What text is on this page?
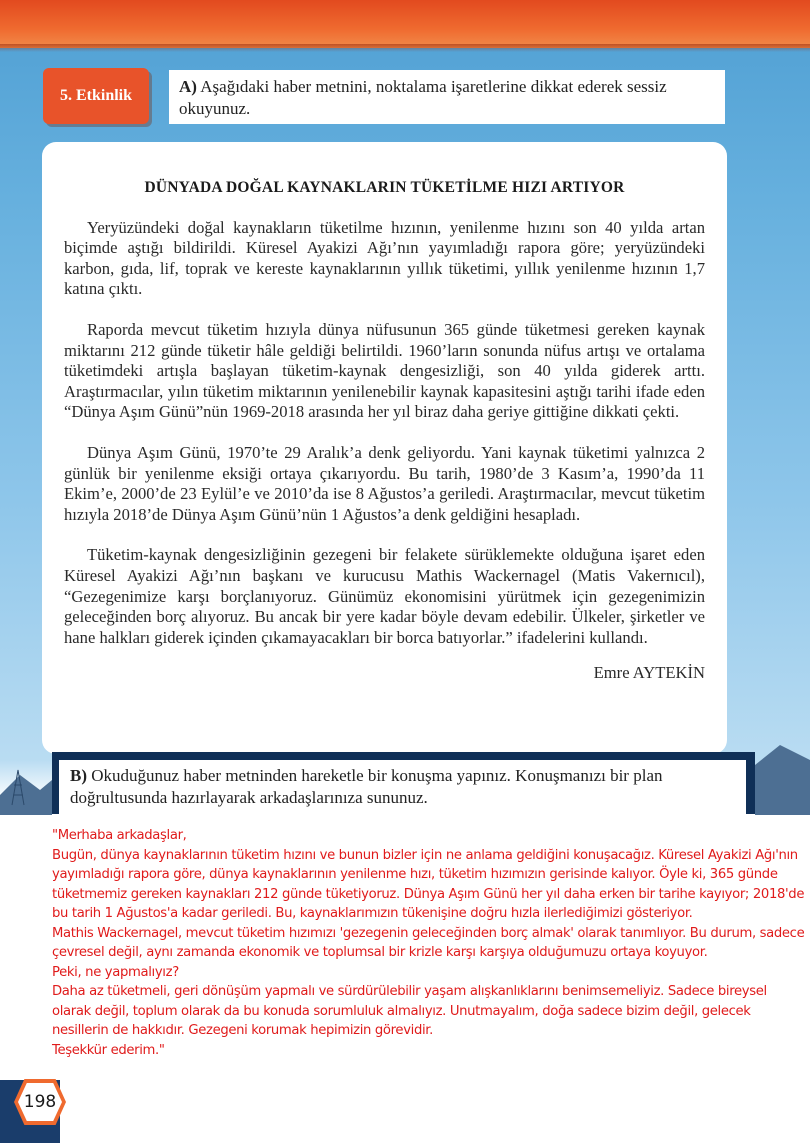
5. Etkinlik	A) Aşağıdaki haber metnini, noktalama işaretlerine dikkat ederek sessiz okuyunuz.
DÜNYADA DOĞAL KAYNAKLARIN TÜKETİLME HIZI ARTIYOR

Yeryüzündeki doğal kaynakların tüketilme hızının, yenilenme hızını son 40 yılda artan biçimde aştığı bildirildi. Küresel Ayakizi Ağı’nın yayımladığı rapora göre; yeryüzündeki karbon, gıda, lif, toprak ve kereste kaynaklarının yıllık tüketimi, yıllık yenilenme hızının 1,7 katına çıktı.

Raporda mevcut tüketim hızıyla dünya nüfusunun 365 günde tüketmesi gereken kaynak miktarını 212 günde tüketir hâle geldiği belirtildi. 1960’ların sonunda nüfus artışı ve ortalama tüketimdeki artışla başlayan tüketim-kaynak dengesizliği, son 40 yılda giderek arttı. Araştırmacılar, yılın tüketim miktarının yenilenebilir kaynak kapasitesini aştığı tarihi ifade eden “Dünya Aşım Günü”nün 1969-2018 arasında her yıl biraz daha geriye gittiğine dikkati çekti.

Dünya Aşım Günü, 1970’te 29 Aralık’a denk geliyordu. Yani kaynak tüketimi yalnızca 2 günlük bir yenilenme eksiği ortaya çıkarıyordu. Bu tarih, 1980’de 3 Kasım’a, 1990’da 11 Ekim’e, 2000’de 23 Eylül’e ve 2010’da ise 8 Ağustos’a geriledi. Araştırmacılar, mevcut tüketim hızıyla 2018’de Dünya Aşım Günü’nün 1 Ağustos’a denk geldiğini hesapladı.

Tüketim-kaynak dengesizliğinin gezegeni bir felakete sürüklemekte olduğuna işaret eden Küresel Ayakizi Ağı’nın başkanı ve kurucusu Mathis Wackernagel (Matis Vakernıcıl), “Gezegenimize karşı borçlanıyoruz. Günümüz ekonomisini yürütmek için gezegenimizin geleceğinden borç alıyoruz. Bu ancak bir yere kadar böyle devam edebilir. Ülkeler, şirketler ve hane halkları giderek içinden çıkamayacakları bir borca batıyorlar.” ifadelerini kullandı.

Emre AYTEKİN
B) Okuduğunuz haber metninden hareketle bir konuşma yapınız. Konuşmanızı bir plan doğrultusunda hazırlayarak arkadaşlarınıza sununuz.
"Merhaba arkadaşlar,
Bugün, dünya kaynaklarının tüketim hızını ve bunun bizler için ne anlama geldiğini konuşacağız. Küresel Ayakizi Ağı'nın yayımladığı rapora göre, dünya kaynaklarının yenilenme hızı, tüketim hızımızın gerisinde kalıyor. Öyle ki, 365 günde tüketmemiz gereken kaynakları 212 günde tüketiyoruz. Dünya Aşım Günü her yıl daha erken bir tarihe kayıyor; 2018'de bu tarih 1 Ağustos'a kadar geriledi. Bu, kaynaklarımızın tükenişine doğru hızla ilerlediğimizi gösteriyor.
Mathis Wackernagel, mevcut tüketim hızımızı 'gezegenin geleceğinden borç almak' olarak tanımlıyor. Bu durum, sadece çevresel değil, aynı zamanda ekonomik ve toplumsal bir krizle karşı karşıya olduğumuzu ortaya koyuyor.
Peki, ne yapmalıyız?
Daha az tüketmeli, geri dönüşüm yapmalı ve sürdürülebilir yaşam alışkanlıklarını benimsemeliyiz. Sadece bireysel olarak değil, toplum olarak da bu konuda sorumluluk almalıyız. Unutmayalım, doğa sadece bizim değil, gelecek nesillerin de hakkıdır. Gezegeni korumak hepimizin görevidir.
Teşekkür ederim."
198
